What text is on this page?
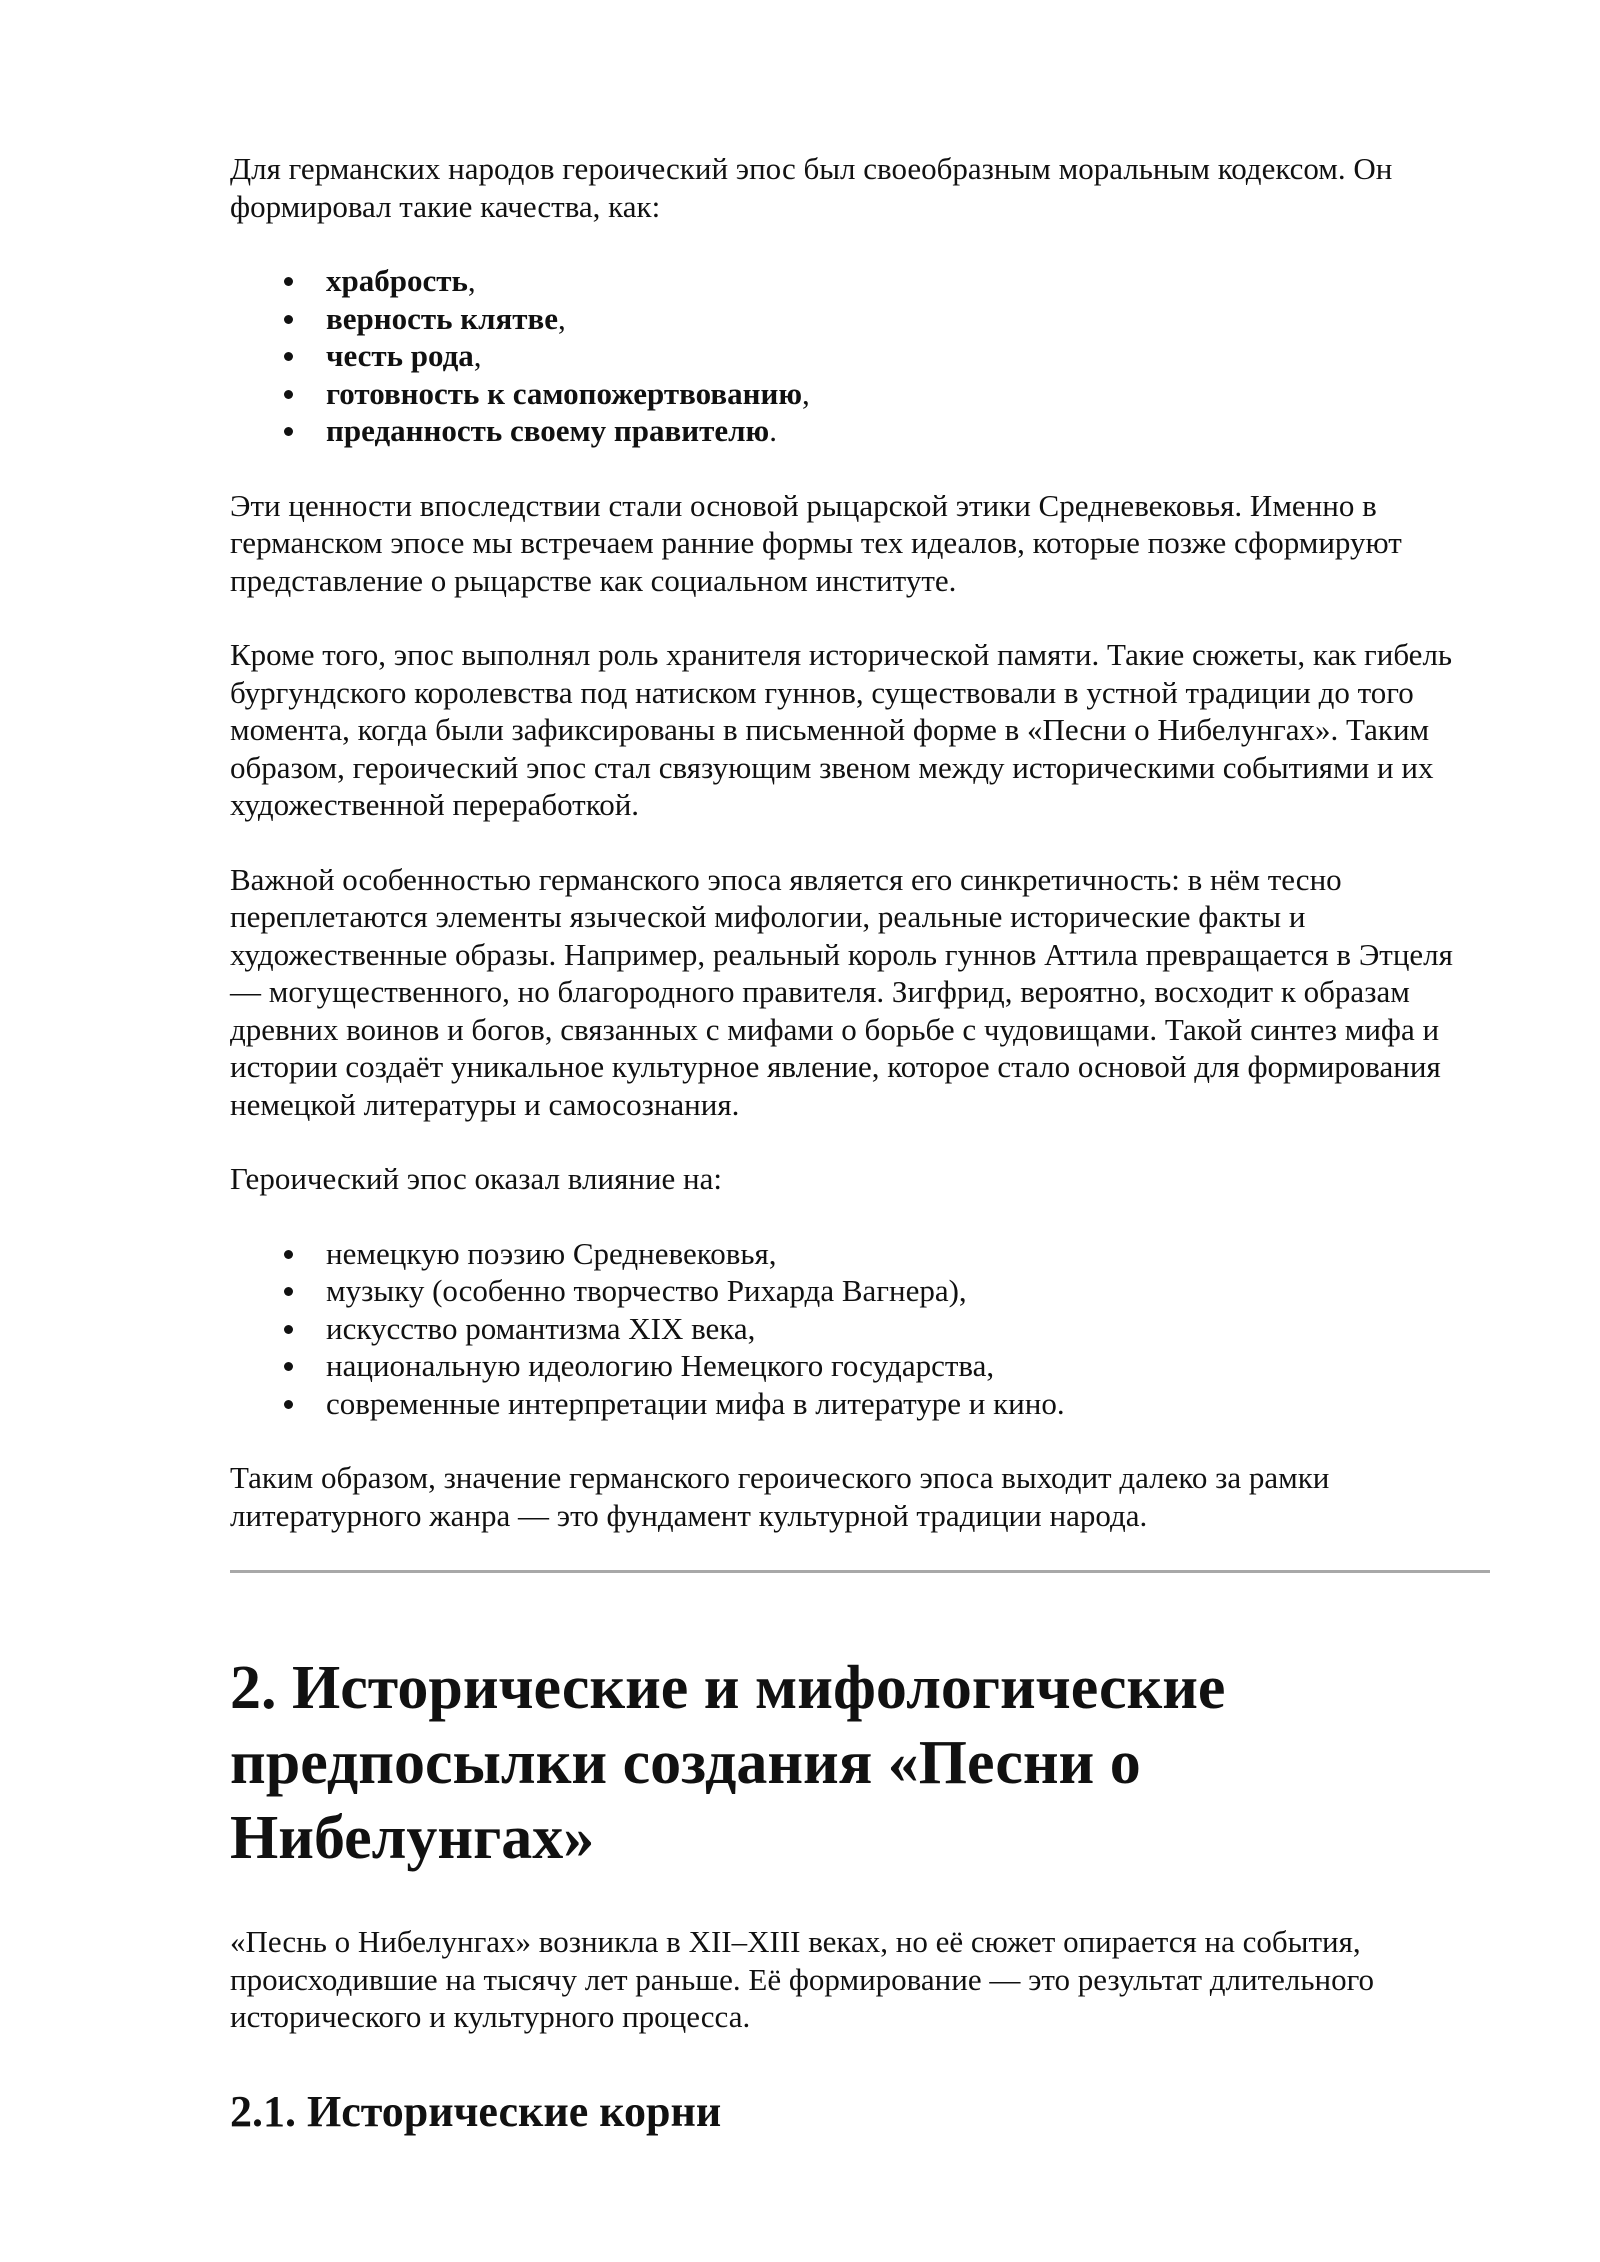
Для германских народов героический эпос был своеобразным моральным кодексом. Он формировал такие качества, как:

храбрость,
верность клятве,
честь рода,
готовность к самопожертвованию,
преданность своему правителю.

Эти ценности впоследствии стали основой рыцарской этики Средневековья. Именно в германском эпосе мы встречаем ранние формы тех идеалов, которые позже сформируют представление о рыцарстве как социальном институте.

Кроме того, эпос выполнял роль хранителя исторической памяти. Такие сюжеты, как гибель бургундского королевства под натиском гуннов, существовали в устной традиции до того момента, когда были зафиксированы в письменной форме в «Песни о Нибелунгах». Таким образом, героический эпос стал связующим звеном между историческими событиями и их художественной переработкой.

Важной особенностью германского эпоса является его синкретичность: в нём тесно переплетаются элементы языческой мифологии, реальные исторические факты и художественные образы. Например, реальный король гуннов Аттила превращается в Этцеля — могущественного, но благородного правителя. Зигфрид, вероятно, восходит к образам древних воинов и богов, связанных с мифами о борьбе с чудовищами. Такой синтез мифа и истории создаёт уникальное культурное явление, которое стало основой для формирования немецкой литературы и самосознания.

Героический эпос оказал влияние на:

немецкую поэзию Средневековья,
музыку (особенно творчество Рихарда Вагнера),
искусство романтизма XIX века,
национальную идеологию Немецкого государства,
современные интерпретации мифа в литературе и кино.

Таким образом, значение германского героического эпоса выходит далеко за рамки литературного жанра — это фундамент культурной традиции народа.

2. Исторические и мифологические предпосылки создания «Песни о Нибелунгах»

«Песнь о Нибелунгах» возникла в XII–XIII веках, но её сюжет опирается на события, происходившие на тысячу лет раньше. Её формирование — это результат длительного исторического и культурного процесса.

2.1. Исторические корни
